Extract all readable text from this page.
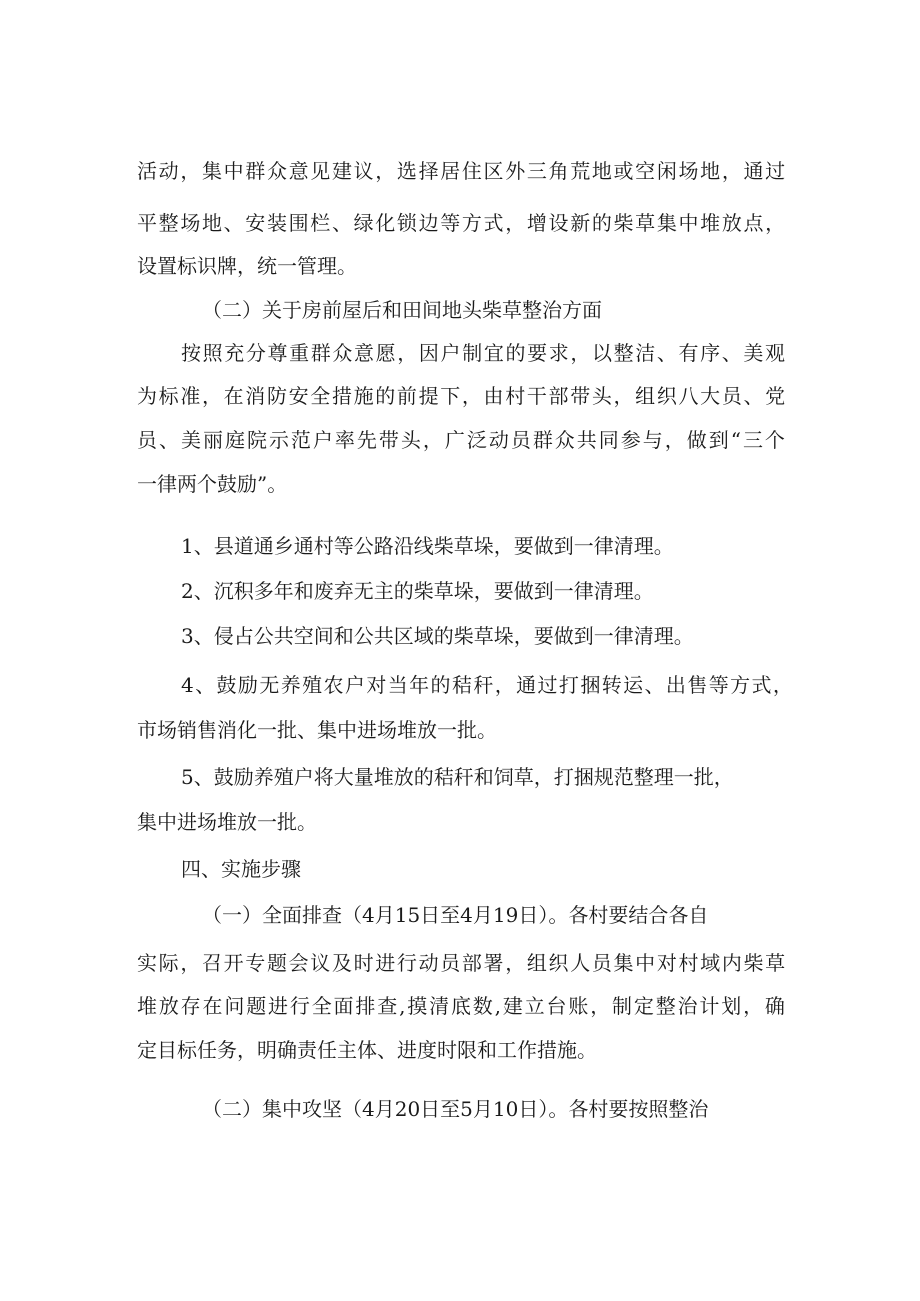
活动，集中群众意见建议，选择居住区外三角荒地或空闲场地，通过
平整场地、安装围栏、绿化锁边等方式，增设新的柴草集中堆放点，
设置标识牌，统一管理。
（二）关于房前屋后和田间地头柴草整治方面
按照充分尊重群众意愿，因户制宜的要求，以整洁、有序、美观
为标准，在消防安全措施的前提下，由村干部带头，组织八大员、党
员、美丽庭院示范户率先带头，广泛动员群众共同参与，做到“三个
一律两个鼓励”。
1、县道通乡通村等公路沿线柴草垛，要做到一律清理。
2、沉积多年和废弃无主的柴草垛，要做到一律清理。
3、侵占公共空间和公共区域的柴草垛，要做到一律清理。
4、鼓励无养殖农户对当年的秸秆，通过打捆转运、出售等方式，
市场销售消化一批、集中进场堆放一批。
5、鼓励养殖户将大量堆放的秸秆和饲草，打捆规范整理一批，
集中进场堆放一批。
四、实施步骤
（一）全面排查（4月15日至4月19日）。各村要结合各自
实际，召开专题会议及时进行动员部署，组织人员集中对村域内柴草
堆放存在问题进行全面排查,摸清底数,建立台账，制定整治计划，确
定目标任务，明确责任主体、进度时限和工作措施。
（二）集中攻坚（4月20日至5月10日）。各村要按照整治
